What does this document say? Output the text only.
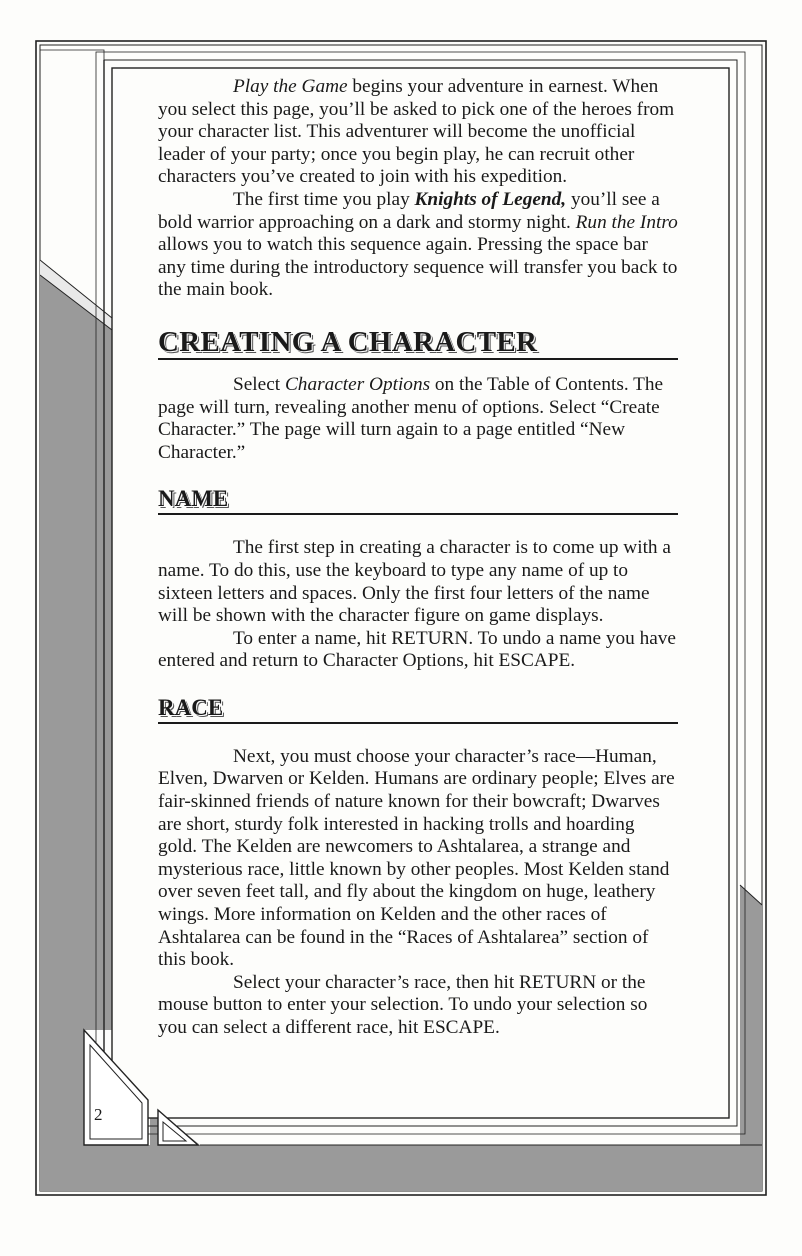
2

Play the Game begins your adventure in earnest. When you select this page, you’ll be asked to pick one of the heroes from your character list. This adventurer will become the unofficial leader of your party; once you begin play, he can recruit other characters you’ve created to join with his expedition.

The first time you play Knights of Legend, you’ll see a bold warrior approaching on a dark and stormy night. Run the Intro allows you to watch this sequence again. Pressing the space bar any time during the introductory sequence will transfer you back to the main book.

CREATING A CHARACTER

Select Character Options on the Table of Contents. The page will turn, revealing another menu of options. Select “Create Character.” The page will turn again to a page entitled “New Character.”

NAME

The first step in creating a character is to come up with a name. To do this, use the keyboard to type any name of up to sixteen letters and spaces. Only the first four letters of the name will be shown with the character figure on game displays.

To enter a name, hit RETURN. To undo a name you have entered and return to Character Options, hit ESCAPE.

RACE

Next, you must choose your character’s race—Human, Elven, Dwarven or Kelden. Humans are ordinary people; Elves are fair-skinned friends of nature known for their bowcraft; Dwarves are short, sturdy folk interested in hacking trolls and hoarding gold. The Kelden are newcomers to Ashtalarea, a strange and mysterious race, little known by other peoples. Most Kelden stand over seven feet tall, and fly about the kingdom on huge, leathery wings. More information on Kelden and the other races of Ashtalarea can be found in the “Races of Ashtalarea” section of this book.

Select your character’s race, then hit RETURN or the mouse button to enter your selection. To undo your selection so you can select a different race, hit ESCAPE.
